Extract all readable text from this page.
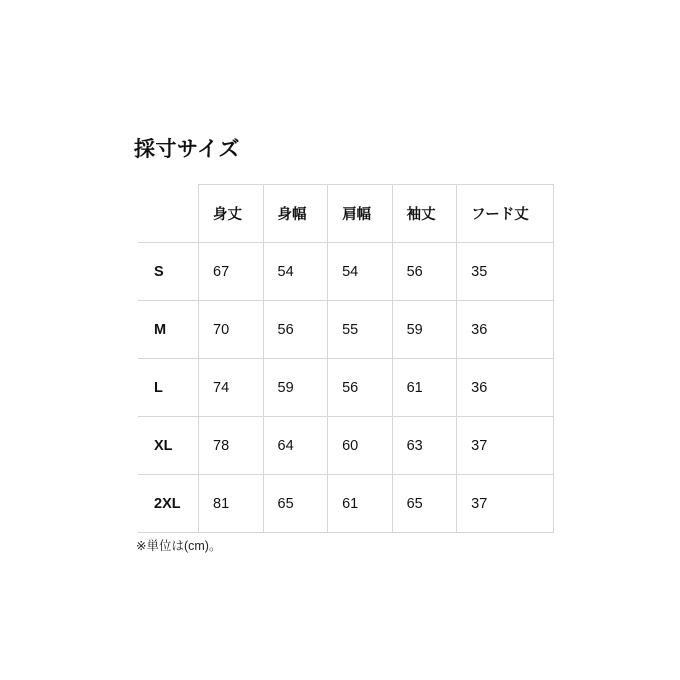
採寸サイズ
	身丈	身幅	肩幅	袖丈	フード丈
S	67	54	54	56	35
M	70	56	55	59	36
L	74	59	56	61	36
XL	78	64	60	63	37
2XL	81	65	61	65	37
※単位は(cm)。
